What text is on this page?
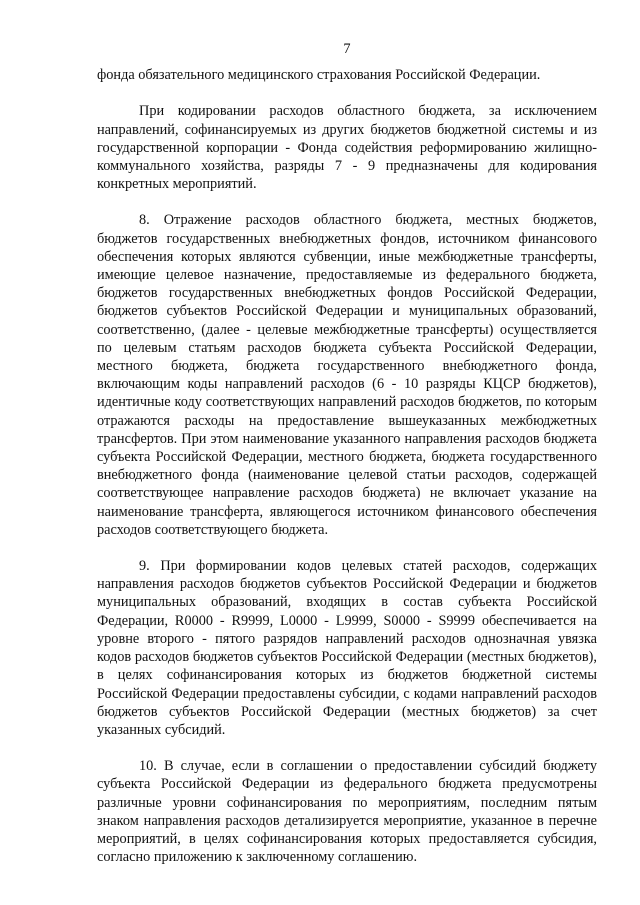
7

фонда обязательного медицинского страхования Российской Федерации.

При кодировании расходов областного бюджета, за исключением направлений, софинансируемых из других бюджетов бюджетной системы и из государственной корпорации - Фонда содействия реформированию жилищно-коммунального хозяйства, разряды 7 - 9 предназначены для кодирования конкретных мероприятий.

8. Отражение расходов областного бюджета, местных бюджетов, бюджетов государственных внебюджетных фондов, источником финансового обеспечения которых являются субвенции, иные межбюджетные трансферты, имеющие целевое назначение, предоставляемые из федерального бюджета, бюджетов государственных внебюджетных фондов Российской Федерации, бюджетов субъектов Российской Федерации и муниципальных образований, соответственно, (далее - целевые межбюджетные трансферты) осуществляется по целевым статьям расходов бюджета субъекта Российской Федерации, местного бюджета, бюджета государственного внебюджетного фонда, включающим коды направлений расходов (6 - 10 разряды КЦСР бюджетов), идентичные коду соответствующих направлений расходов бюджетов, по которым отражаются расходы на предоставление вышеуказанных межбюджетных трансфертов. При этом наименование указанного направления расходов бюджета субъекта Российской Федерации, местного бюджета, бюджета государственного внебюджетного фонда (наименование целевой статьи расходов, содержащей соответствующее направление расходов бюджета) не включает указание на наименование трансферта, являющегося источником финансового обеспечения расходов соответствующего бюджета.

9. При формировании кодов целевых статей расходов, содержащих направления расходов бюджетов субъектов Российской Федерации и бюджетов муниципальных образований, входящих в состав субъекта Российской Федерации, R0000 - R9999, L0000 - L9999, S0000 - S9999 обеспечивается на уровне второго - пятого разрядов направлений расходов однозначная увязка кодов расходов бюджетов субъектов Российской Федерации (местных бюджетов), в целях софинансирования которых из бюджетов бюджетной системы Российской Федерации предоставлены субсидии, с кодами направлений расходов бюджетов субъектов Российской Федерации (местных бюджетов) за счет указанных субсидий.

10. В случае, если в соглашении о предоставлении субсидий бюджету субъекта Российской Федерации из федерального бюджета предусмотрены различные уровни софинансирования по мероприятиям, последним пятым знаком направления расходов детализируется мероприятие, указанное в перечне мероприятий, в целях софинансирования которых предоставляется субсидия, согласно приложению к заключенному соглашению.
